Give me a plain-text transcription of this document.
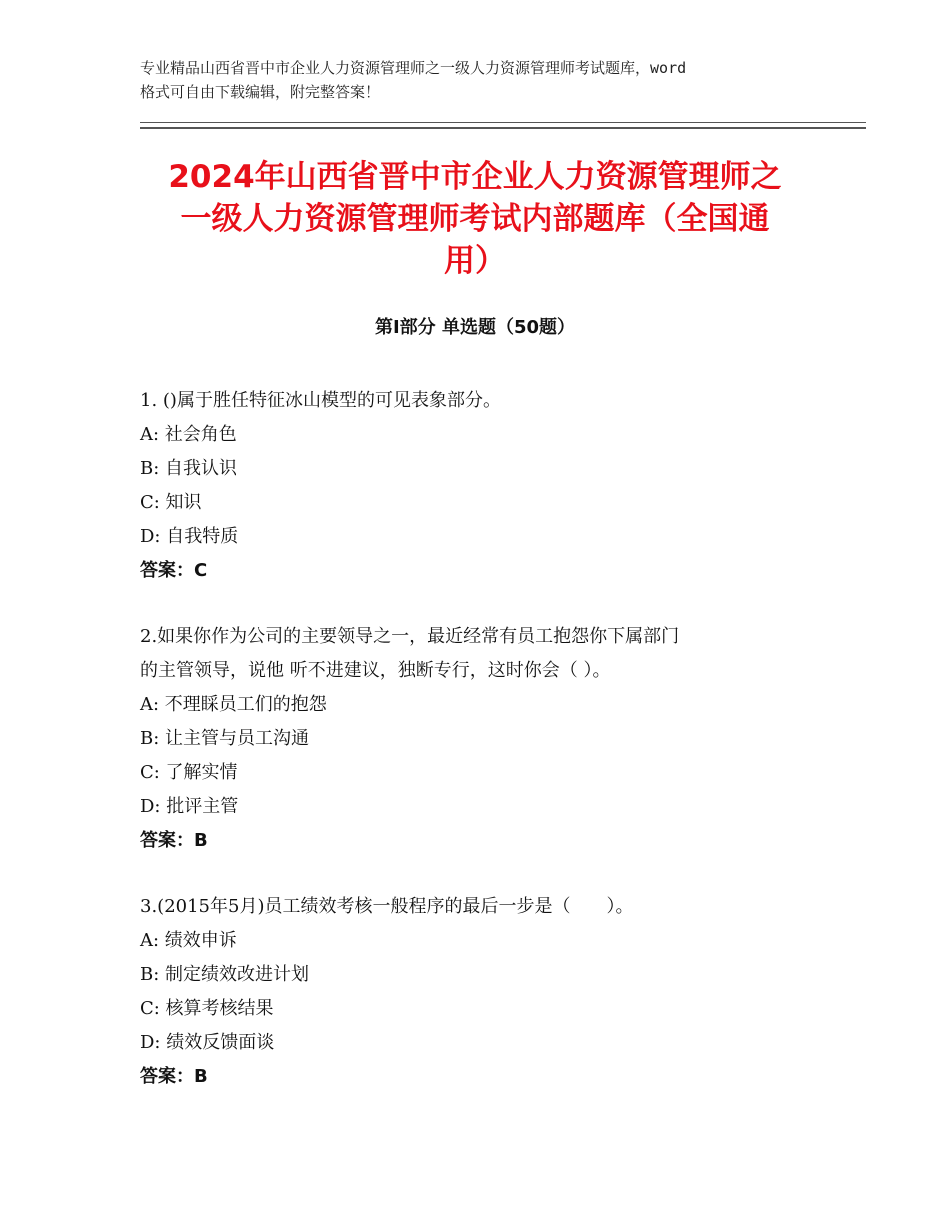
专业精品山西省晋中市企业人力资源管理师之一级人力资源管理师考试题库，word
格式可自由下载编辑，附完整答案！
2024年山西省晋中市企业人力资源管理师之
一级人力资源管理师考试内部题库（全国通
用）
第Ⅰ部分 单选题（50题）
1. ()属于胜任特征冰山模型的可见表象部分。
A: 社会角色
B: 自我认识
C: 知识
D: 自我特质
答案：C
2.如果你作为公司的主要领导之一，最近经常有员工抱怨你下属部门
的主管领导，说他 听不进建议，独断专行，这时你会（ ）。
A: 不理睬员工们的抱怨
B: 让主管与员工沟通
C: 了解实情
D: 批评主管
答案：B
3.(2015年5月)员工绩效考核一般程序的最后一步是（　　）。
A: 绩效申诉
B: 制定绩效改进计划
C: 核算考核结果
D: 绩效反馈面谈
答案：B
